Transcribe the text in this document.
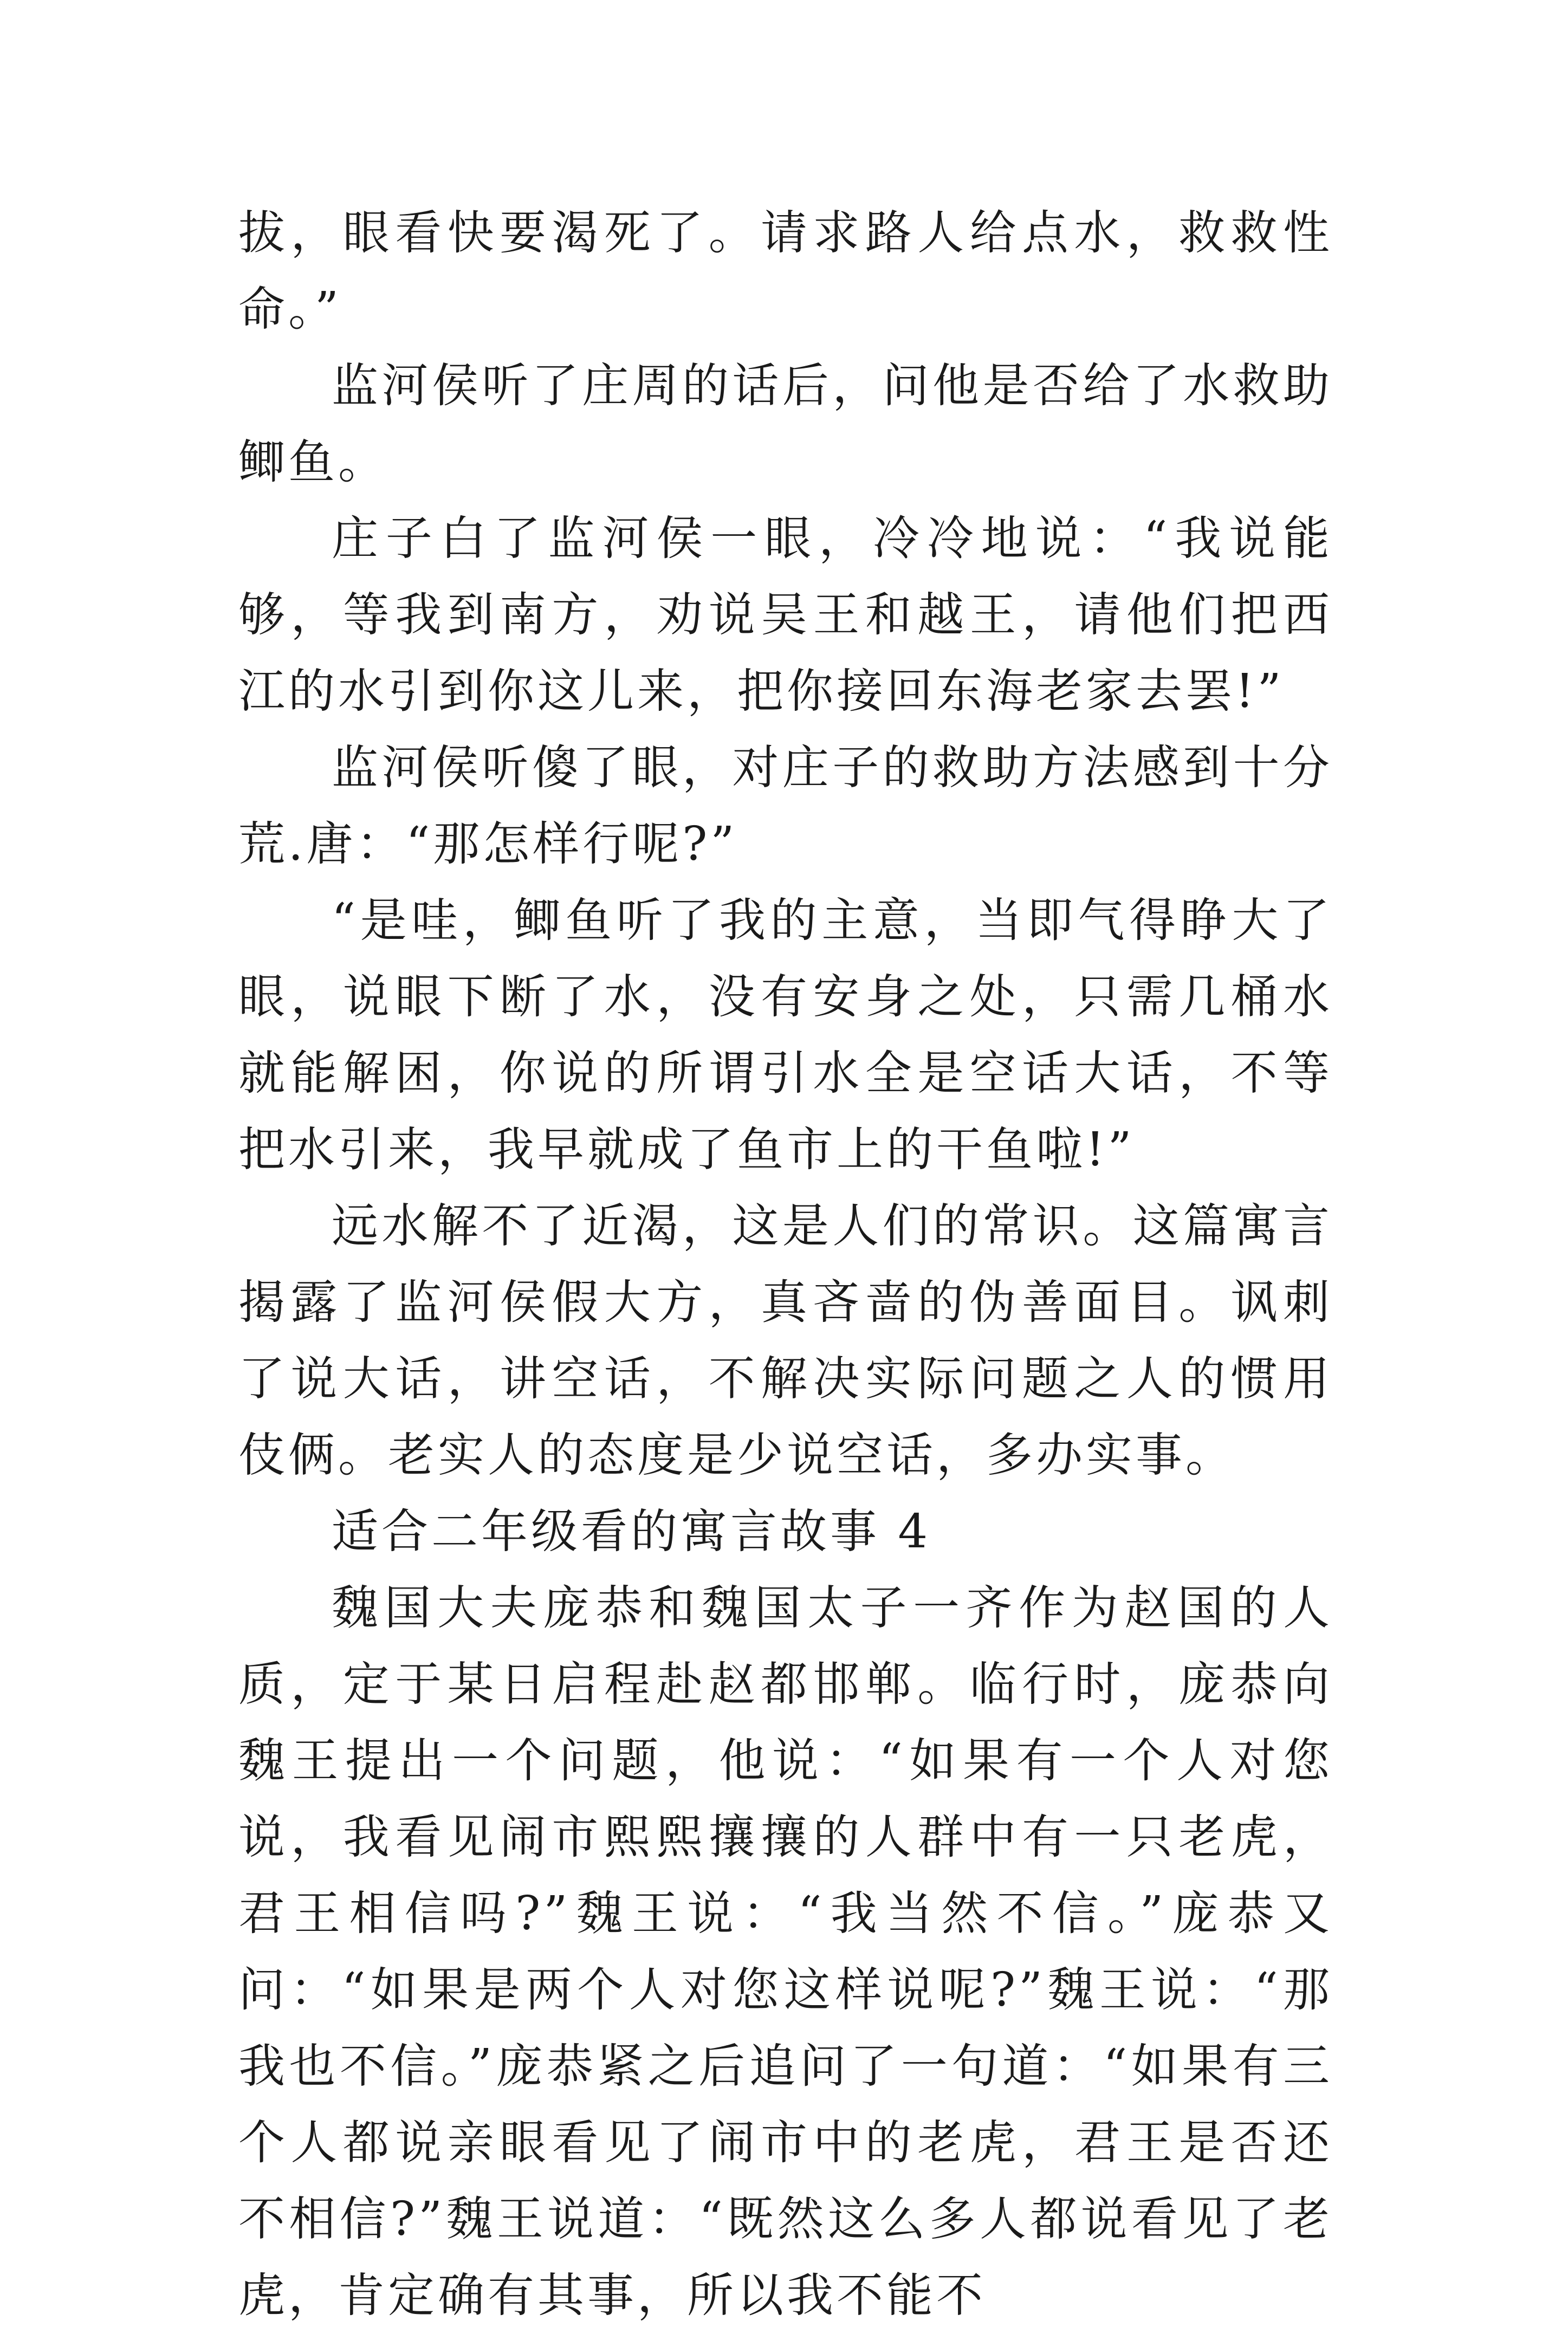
拔，眼看快要渴死了。请求路人给点水，救救性命。”

监河侯听了庄周的话后，问他是否给了水救助鲫鱼。

庄子白了监河侯一眼，冷冷地说：“我说能够，等我到南方，劝说吴王和越王，请他们把西江的水引到你这儿来，把你接回东海老家去罢!”

监河侯听傻了眼，对庄子的救助方法感到十分荒.唐：“那怎样行呢?”

“是哇，鲫鱼听了我的主意，当即气得睁大了眼，说眼下断了水，没有安身之处，只需几桶水就能解困，你说的所谓引水全是空话大话，不等把水引来，我早就成了鱼市上的干鱼啦!”

远水解不了近渴，这是人们的常识。这篇寓言揭露了监河侯假大方，真吝啬的伪善面目。讽刺了说大话，讲空话，不解决实际问题之人的惯用伎俩。老实人的态度是少说空话，多办实事。

适合二年级看的寓言故事 4

魏国大夫庞恭和魏国太子一齐作为赵国的人质，定于某日启程赴赵都邯郸。临行时，庞恭向魏王提出一个问题，他说：“如果有一个人对您说，我看见闹市熙熙攘攘的人群中有一只老虎，君王相信吗?”魏王说：“我当然不信。”庞恭又问：“如果是两个人对您这样说呢?”魏王说：“那我也不信。”庞恭紧之后追问了一句道：“如果有三个人都说亲眼看见了闹市中的老虎，君王是否还不相信?”魏王说道：“既然这么多人都说看见了老虎，肯定确有其事，所以我不能不
